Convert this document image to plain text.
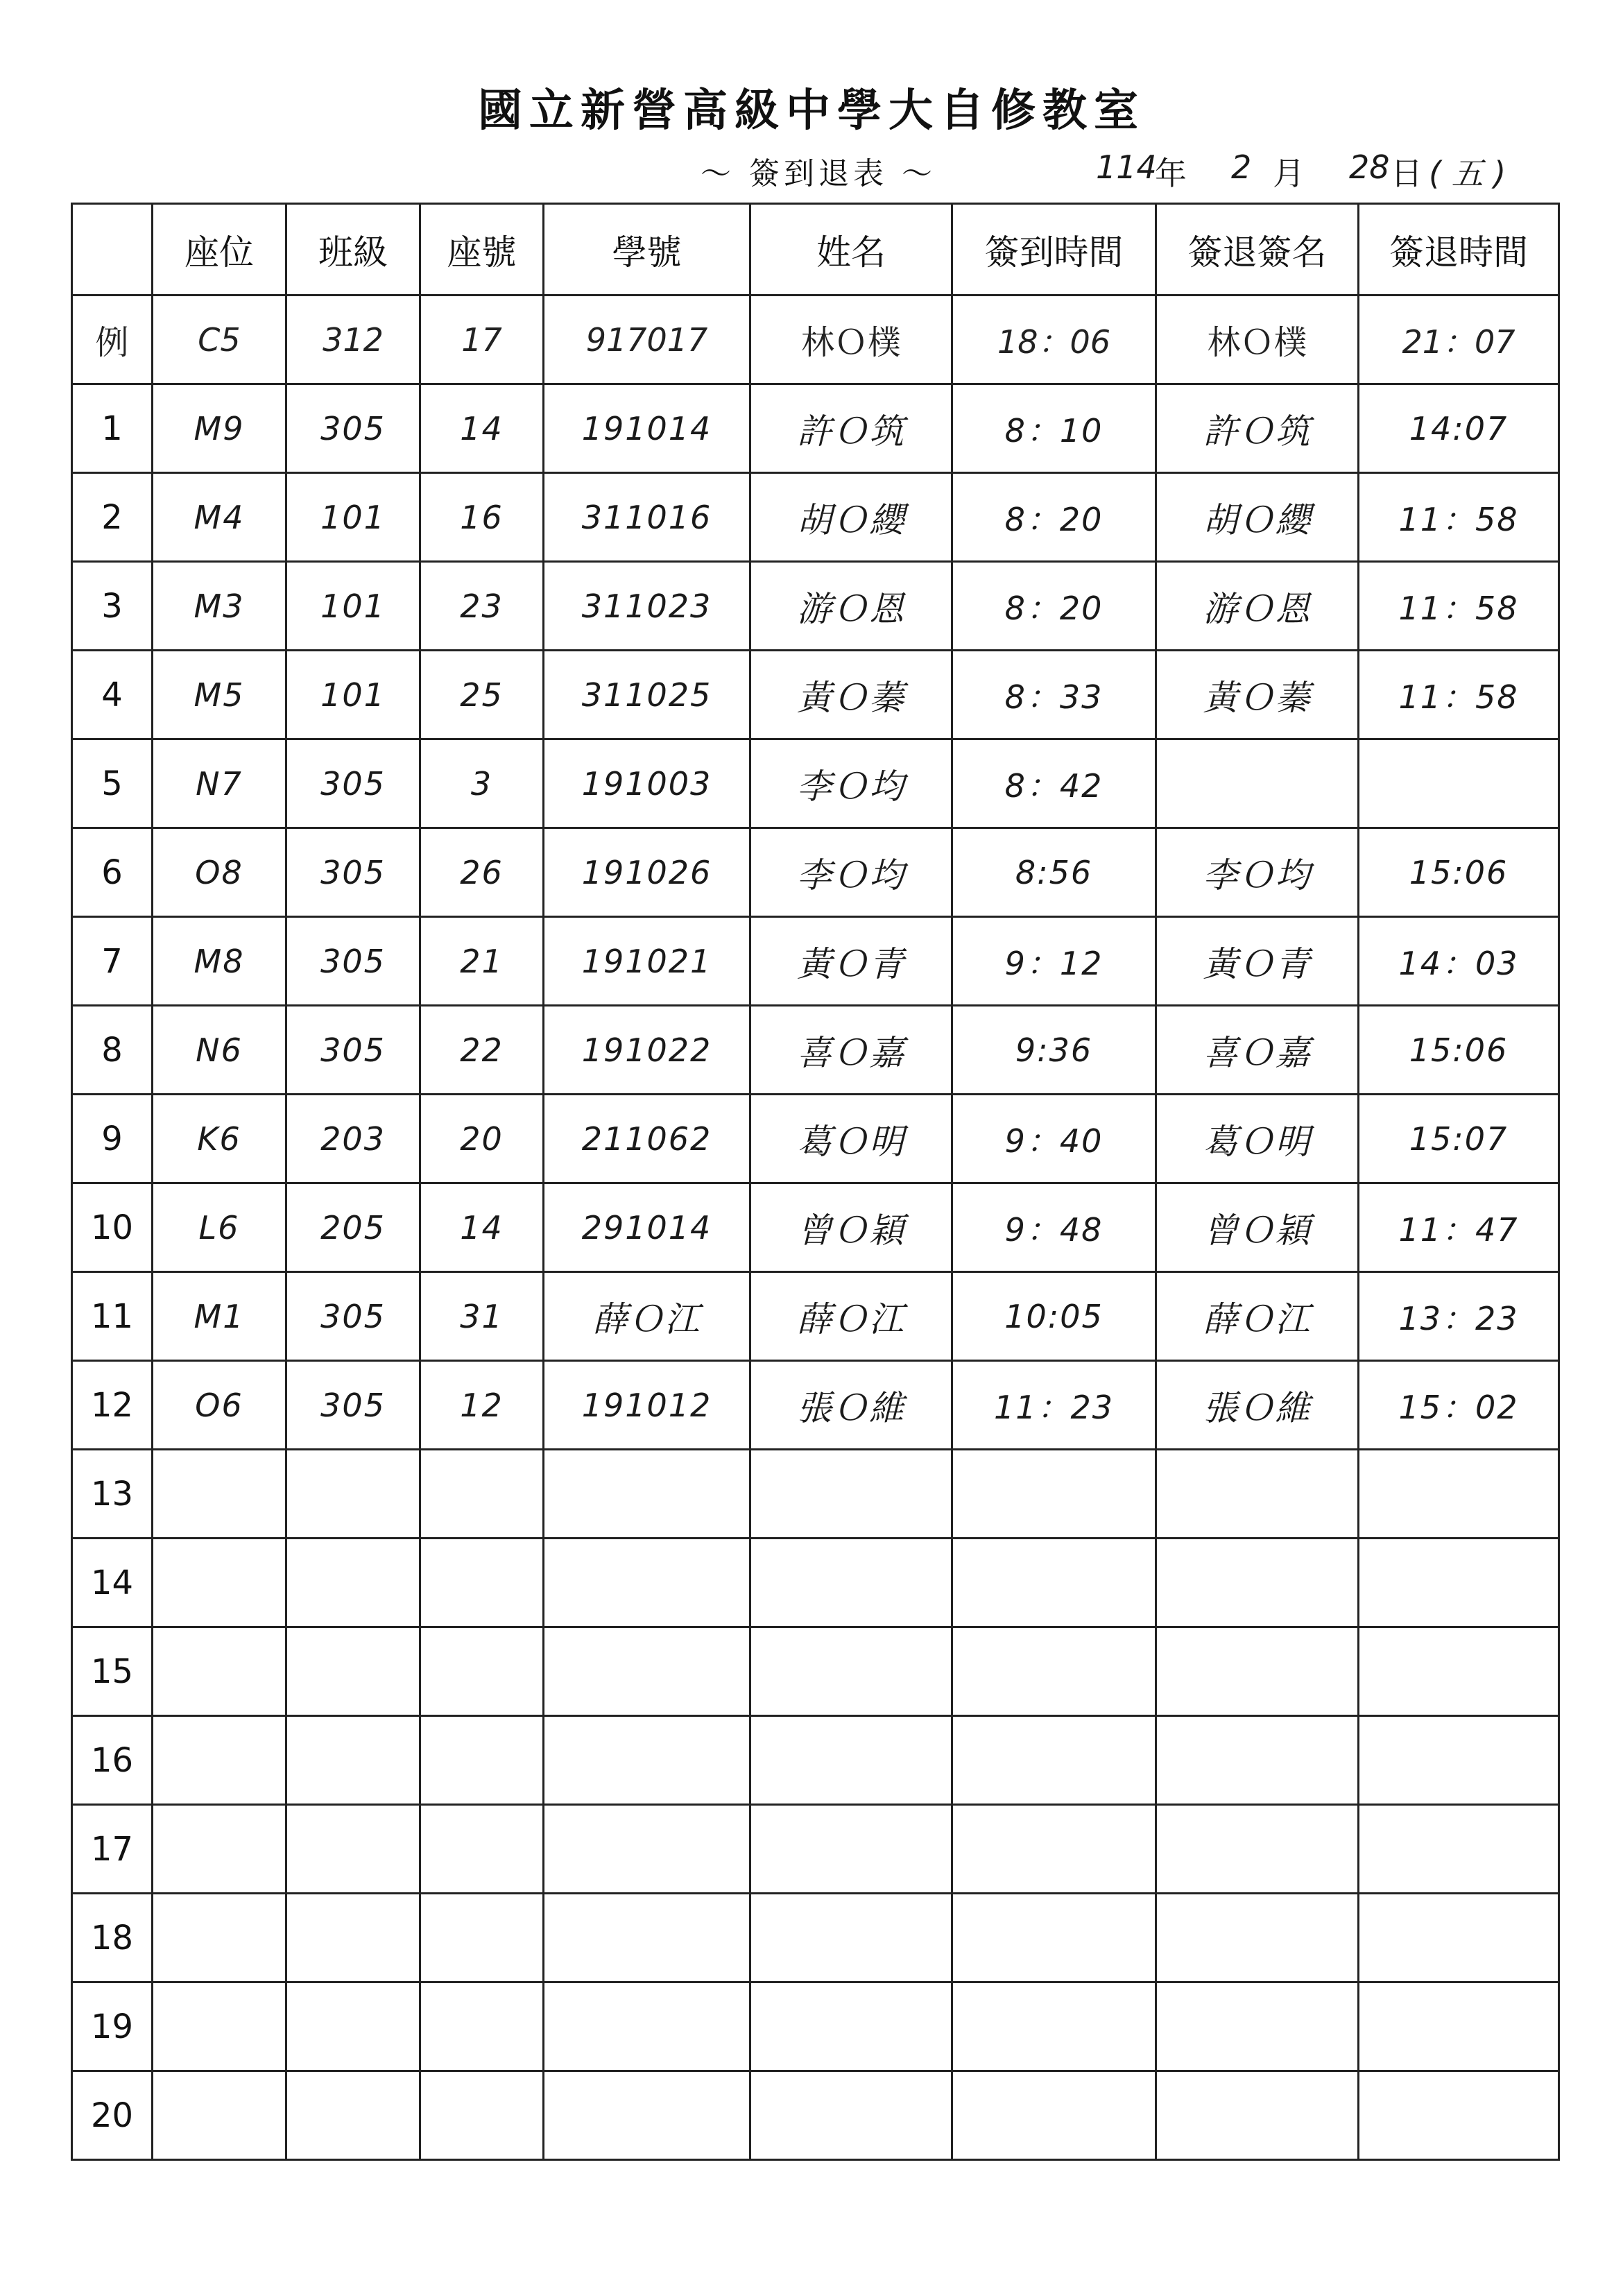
國立新營高級中學大自修教室
～ 簽到退表 ～	114
年 2 月 28 日 ( 五 )
	座位	班級	座號	學號	姓名	簽到時間	簽退簽名	簽退時間
例	C5	312	17	917017	林Ｏ樸	18：06	林Ｏ樸	21：07
1	M9	305	14	191014	許Ｏ筑	8：10	許Ｏ筑	14:07
2	M4	101	16	311016	胡Ｏ纓	8：20	胡Ｏ纓	11：58
3	M3	101	23	311023	游Ｏ恩	8：20	游Ｏ恩	11：58
4	M5	101	25	311025	黃Ｏ蓁	8：33	黃Ｏ蓁	11：58
5	N7	305	3	191003	李Ｏ均	8：42		
6	O8	305	26	191026	李Ｏ均	8:56	李Ｏ均	15:06
7	M8	305	21	191021	黃Ｏ青	9：12	黃Ｏ青	14：03
8	N6	305	22	191022	喜Ｏ嘉	9:36	喜Ｏ嘉	15:06
9	K6	203	20	211062	葛Ｏ明	9：40	葛Ｏ明	15:07
10	L6	205	14	291014	曾Ｏ穎	9：48	曾Ｏ穎	11：47
11	M1	305	31	薛Ｏ江	薛Ｏ江	10:05	薛Ｏ江	13：23
12	O6	305	12	191012	張Ｏ維	11：23	張Ｏ維	15：02
13								
14								
15								
16								
17								
18								
19								
20								
